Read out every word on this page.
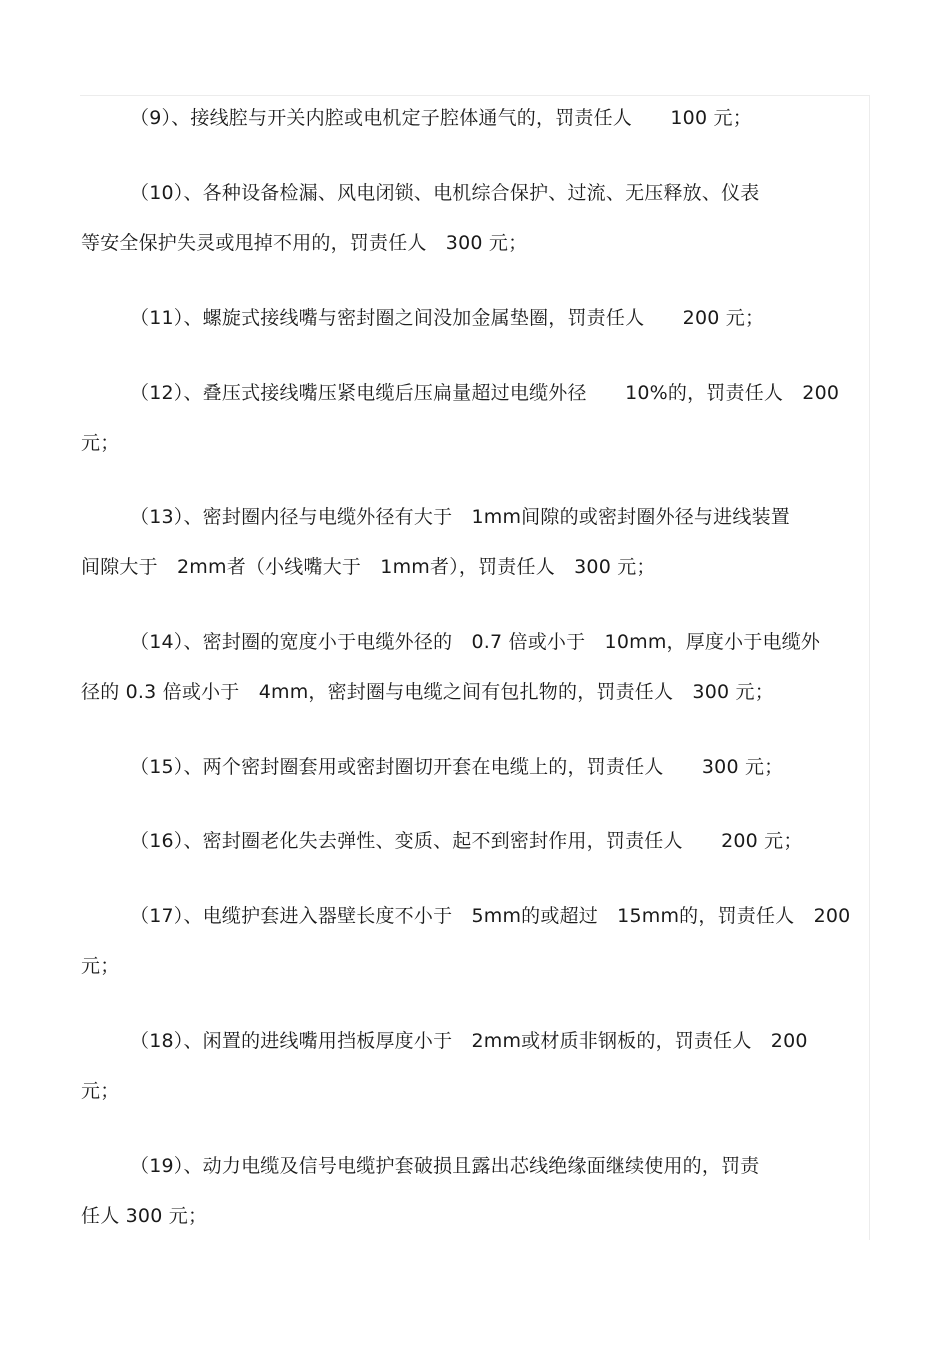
（9）、接线腔与开关内腔或电机定子腔体通气的，罚责任人　　100 元；
（10）、各种设备检漏、风电闭锁、电机综合保护、过流、无压释放、仪表
等安全保护失灵或甩掉不用的，罚责任人　300 元；
（11）、螺旋式接线嘴与密封圈之间没加金属垫圈，罚责任人　　200 元；
（12）、叠压式接线嘴压紧电缆后压扁量超过电缆外径　　10%的，罚责任人　200
元；
（13）、密封圈内径与电缆外径有大于　1mm间隙的或密封圈外径与进线装置
间隙大于　2mm者（小线嘴大于　1mm者），罚责任人　300 元；
（14）、密封圈的宽度小于电缆外径的　0.7 倍或小于　10mm，厚度小于电缆外
径的 0.3 倍或小于　4mm，密封圈与电缆之间有包扎物的，罚责任人　300 元；
（15）、两个密封圈套用或密封圈切开套在电缆上的，罚责任人　　300 元；
（16）、密封圈老化失去弹性、变质、起不到密封作用，罚责任人　　200 元；
（17）、电缆护套进入器壁长度不小于　5mm的或超过　15mm的，罚责任人　200
元；
（18）、闲置的进线嘴用挡板厚度小于　2mm或材质非钢板的，罚责任人　200
元；
（19）、动力电缆及信号电缆护套破损且露出芯线绝缘面继续使用的，罚责
任人 300 元；
